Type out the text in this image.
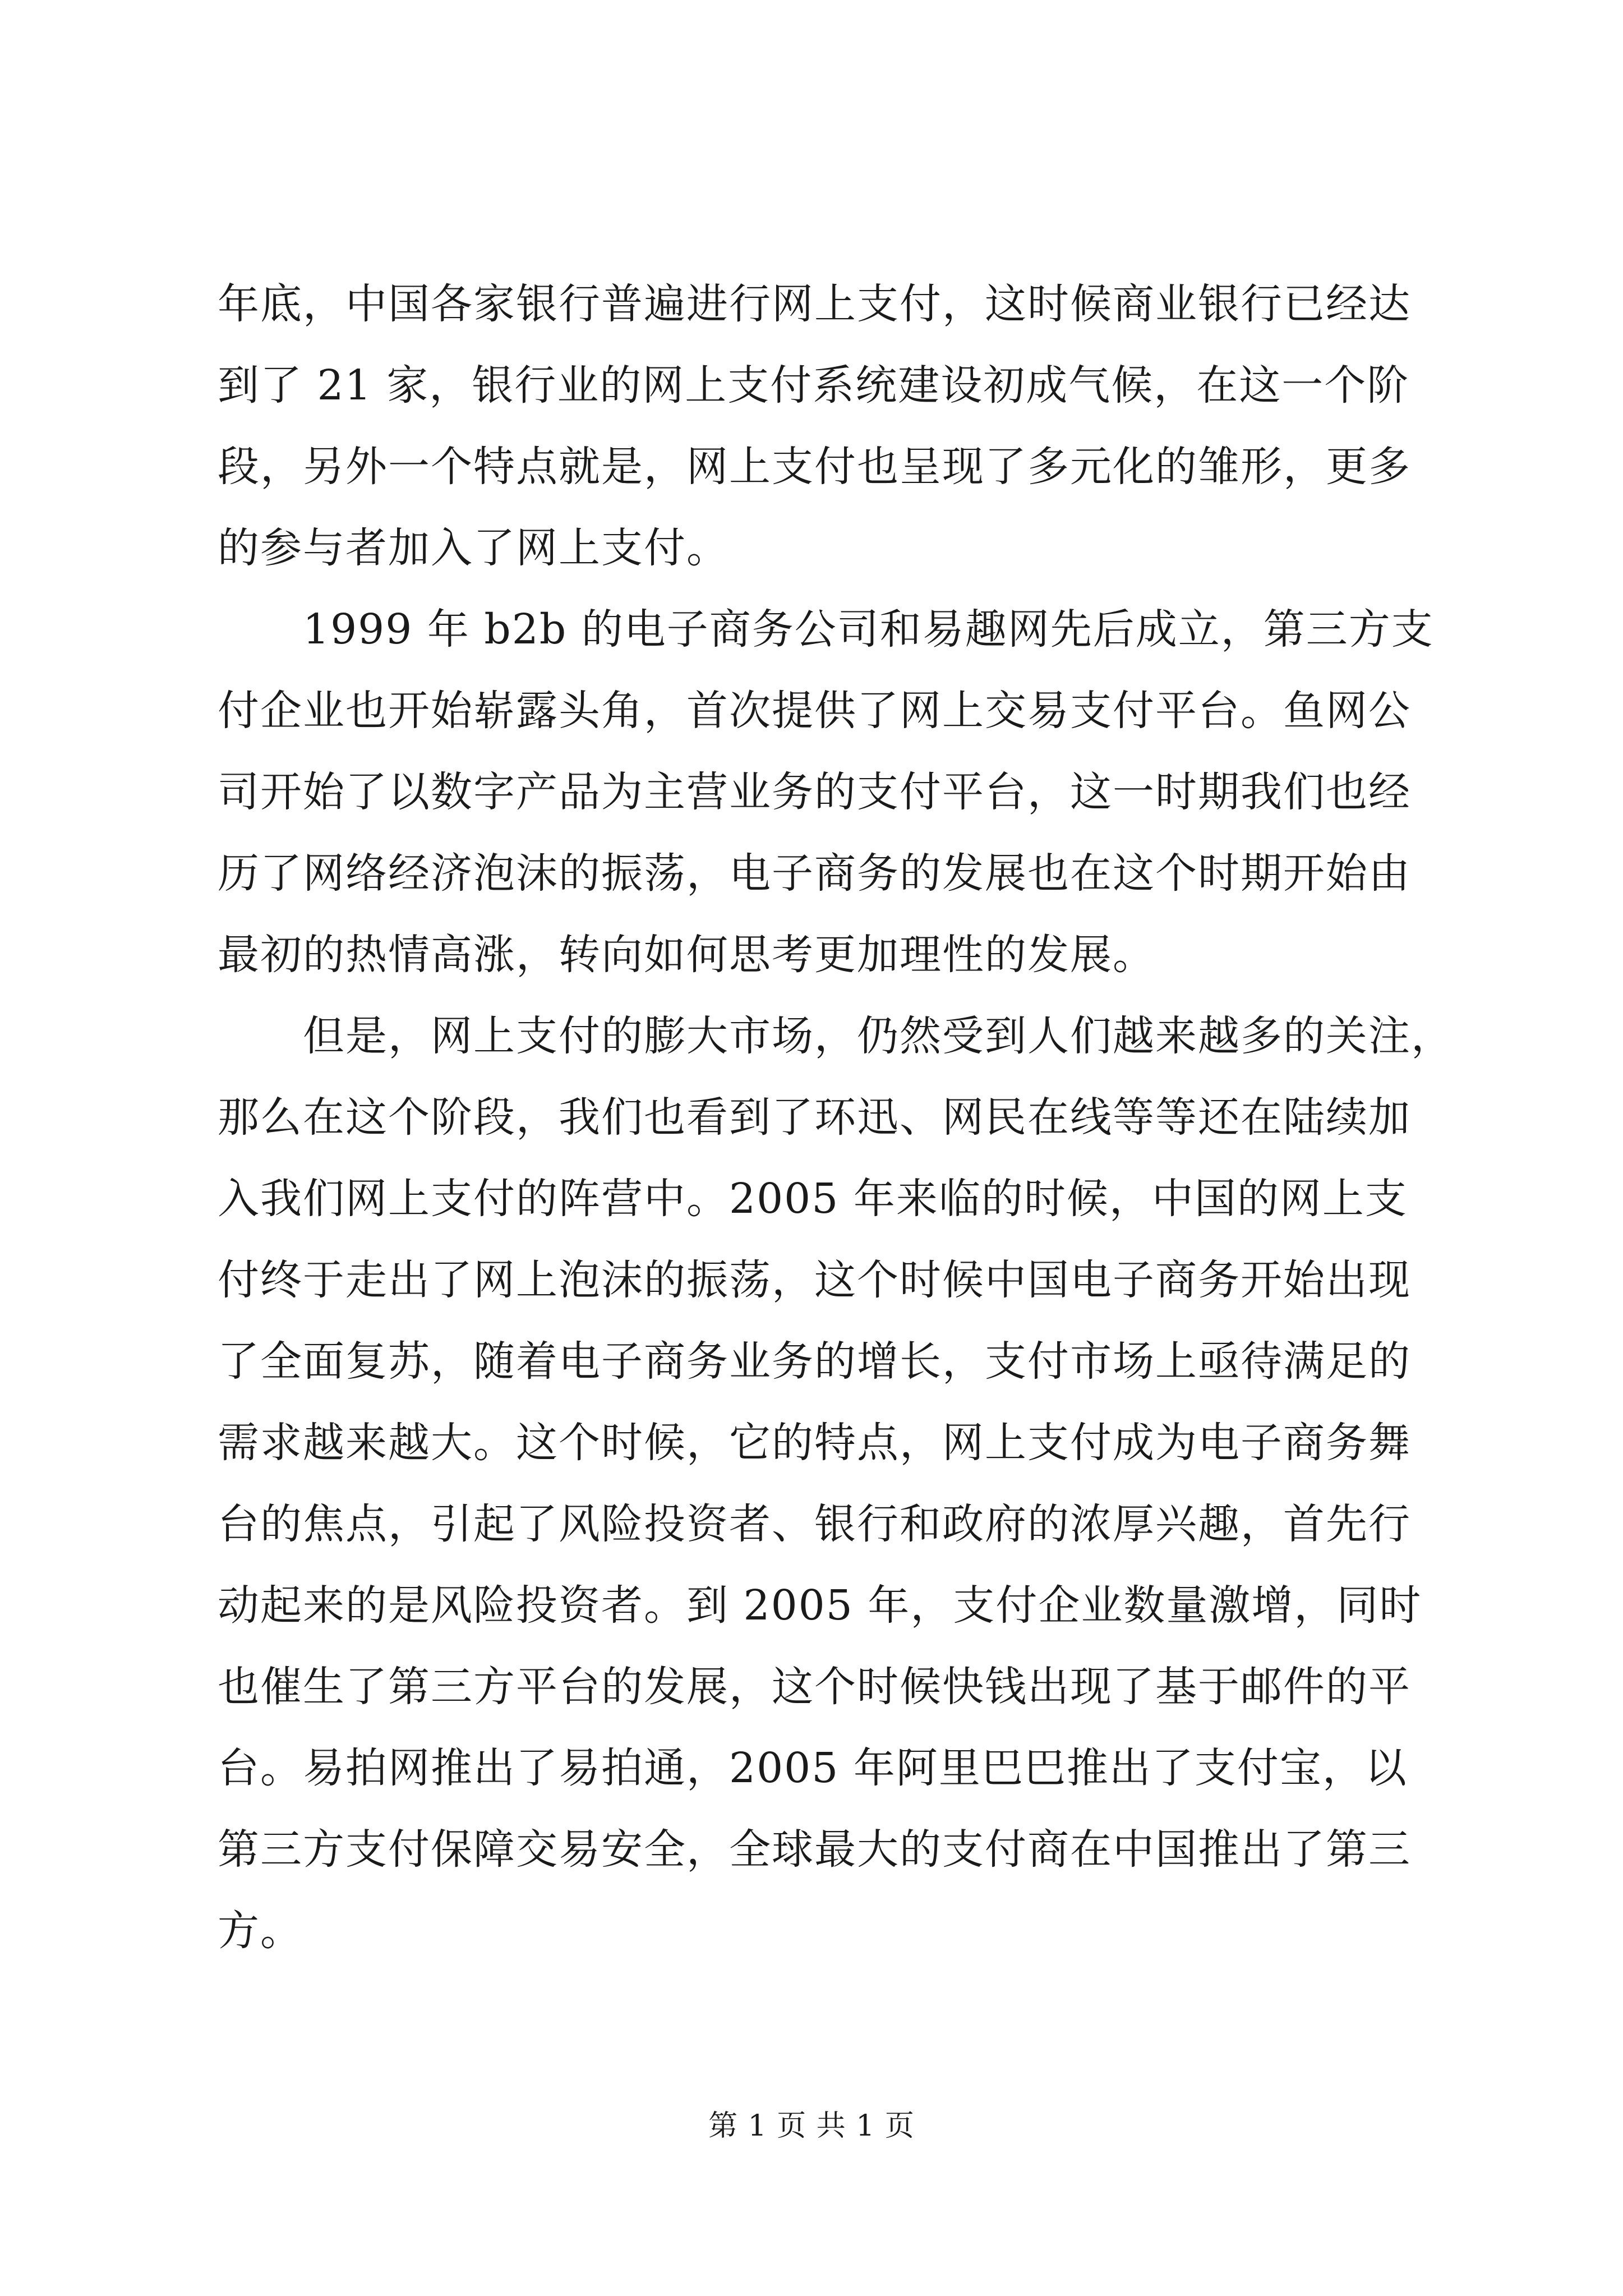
年底，中国各家银行普遍进行网上支付，这时候商业银行已经达
到了 21 家，银行业的网上支付系统建设初成气候，在这一个阶
段，另外一个特点就是，网上支付也呈现了多元化的雏形，更多
的参与者加入了网上支付。
1999 年 b2b 的电子商务公司和易趣网先后成立，第三方支
付企业也开始崭露头角，首次提供了网上交易支付平台。鱼网公
司开始了以数字产品为主营业务的支付平台，这一时期我们也经
历了网络经济泡沫的振荡，电子商务的发展也在这个时期开始由
最初的热情高涨，转向如何思考更加理性的发展。
但是，网上支付的膨大市场，仍然受到人们越来越多的关注，
那么在这个阶段，我们也看到了环迅、网民在线等等还在陆续加
入我们网上支付的阵营中。2005 年来临的时候，中国的网上支
付终于走出了网上泡沫的振荡，这个时候中国电子商务开始出现
了全面复苏，随着电子商务业务的增长，支付市场上亟待满足的
需求越来越大。这个时候，它的特点，网上支付成为电子商务舞
台的焦点，引起了风险投资者、银行和政府的浓厚兴趣，首先行
动起来的是风险投资者。到 2005 年，支付企业数量激增，同时
也催生了第三方平台的发展，这个时候快钱出现了基于邮件的平
台。易拍网推出了易拍通，2005 年阿里巴巴推出了支付宝，以
第三方支付保障交易安全，全球最大的支付商在中国推出了第三
方。
第 1 页 共 1 页
